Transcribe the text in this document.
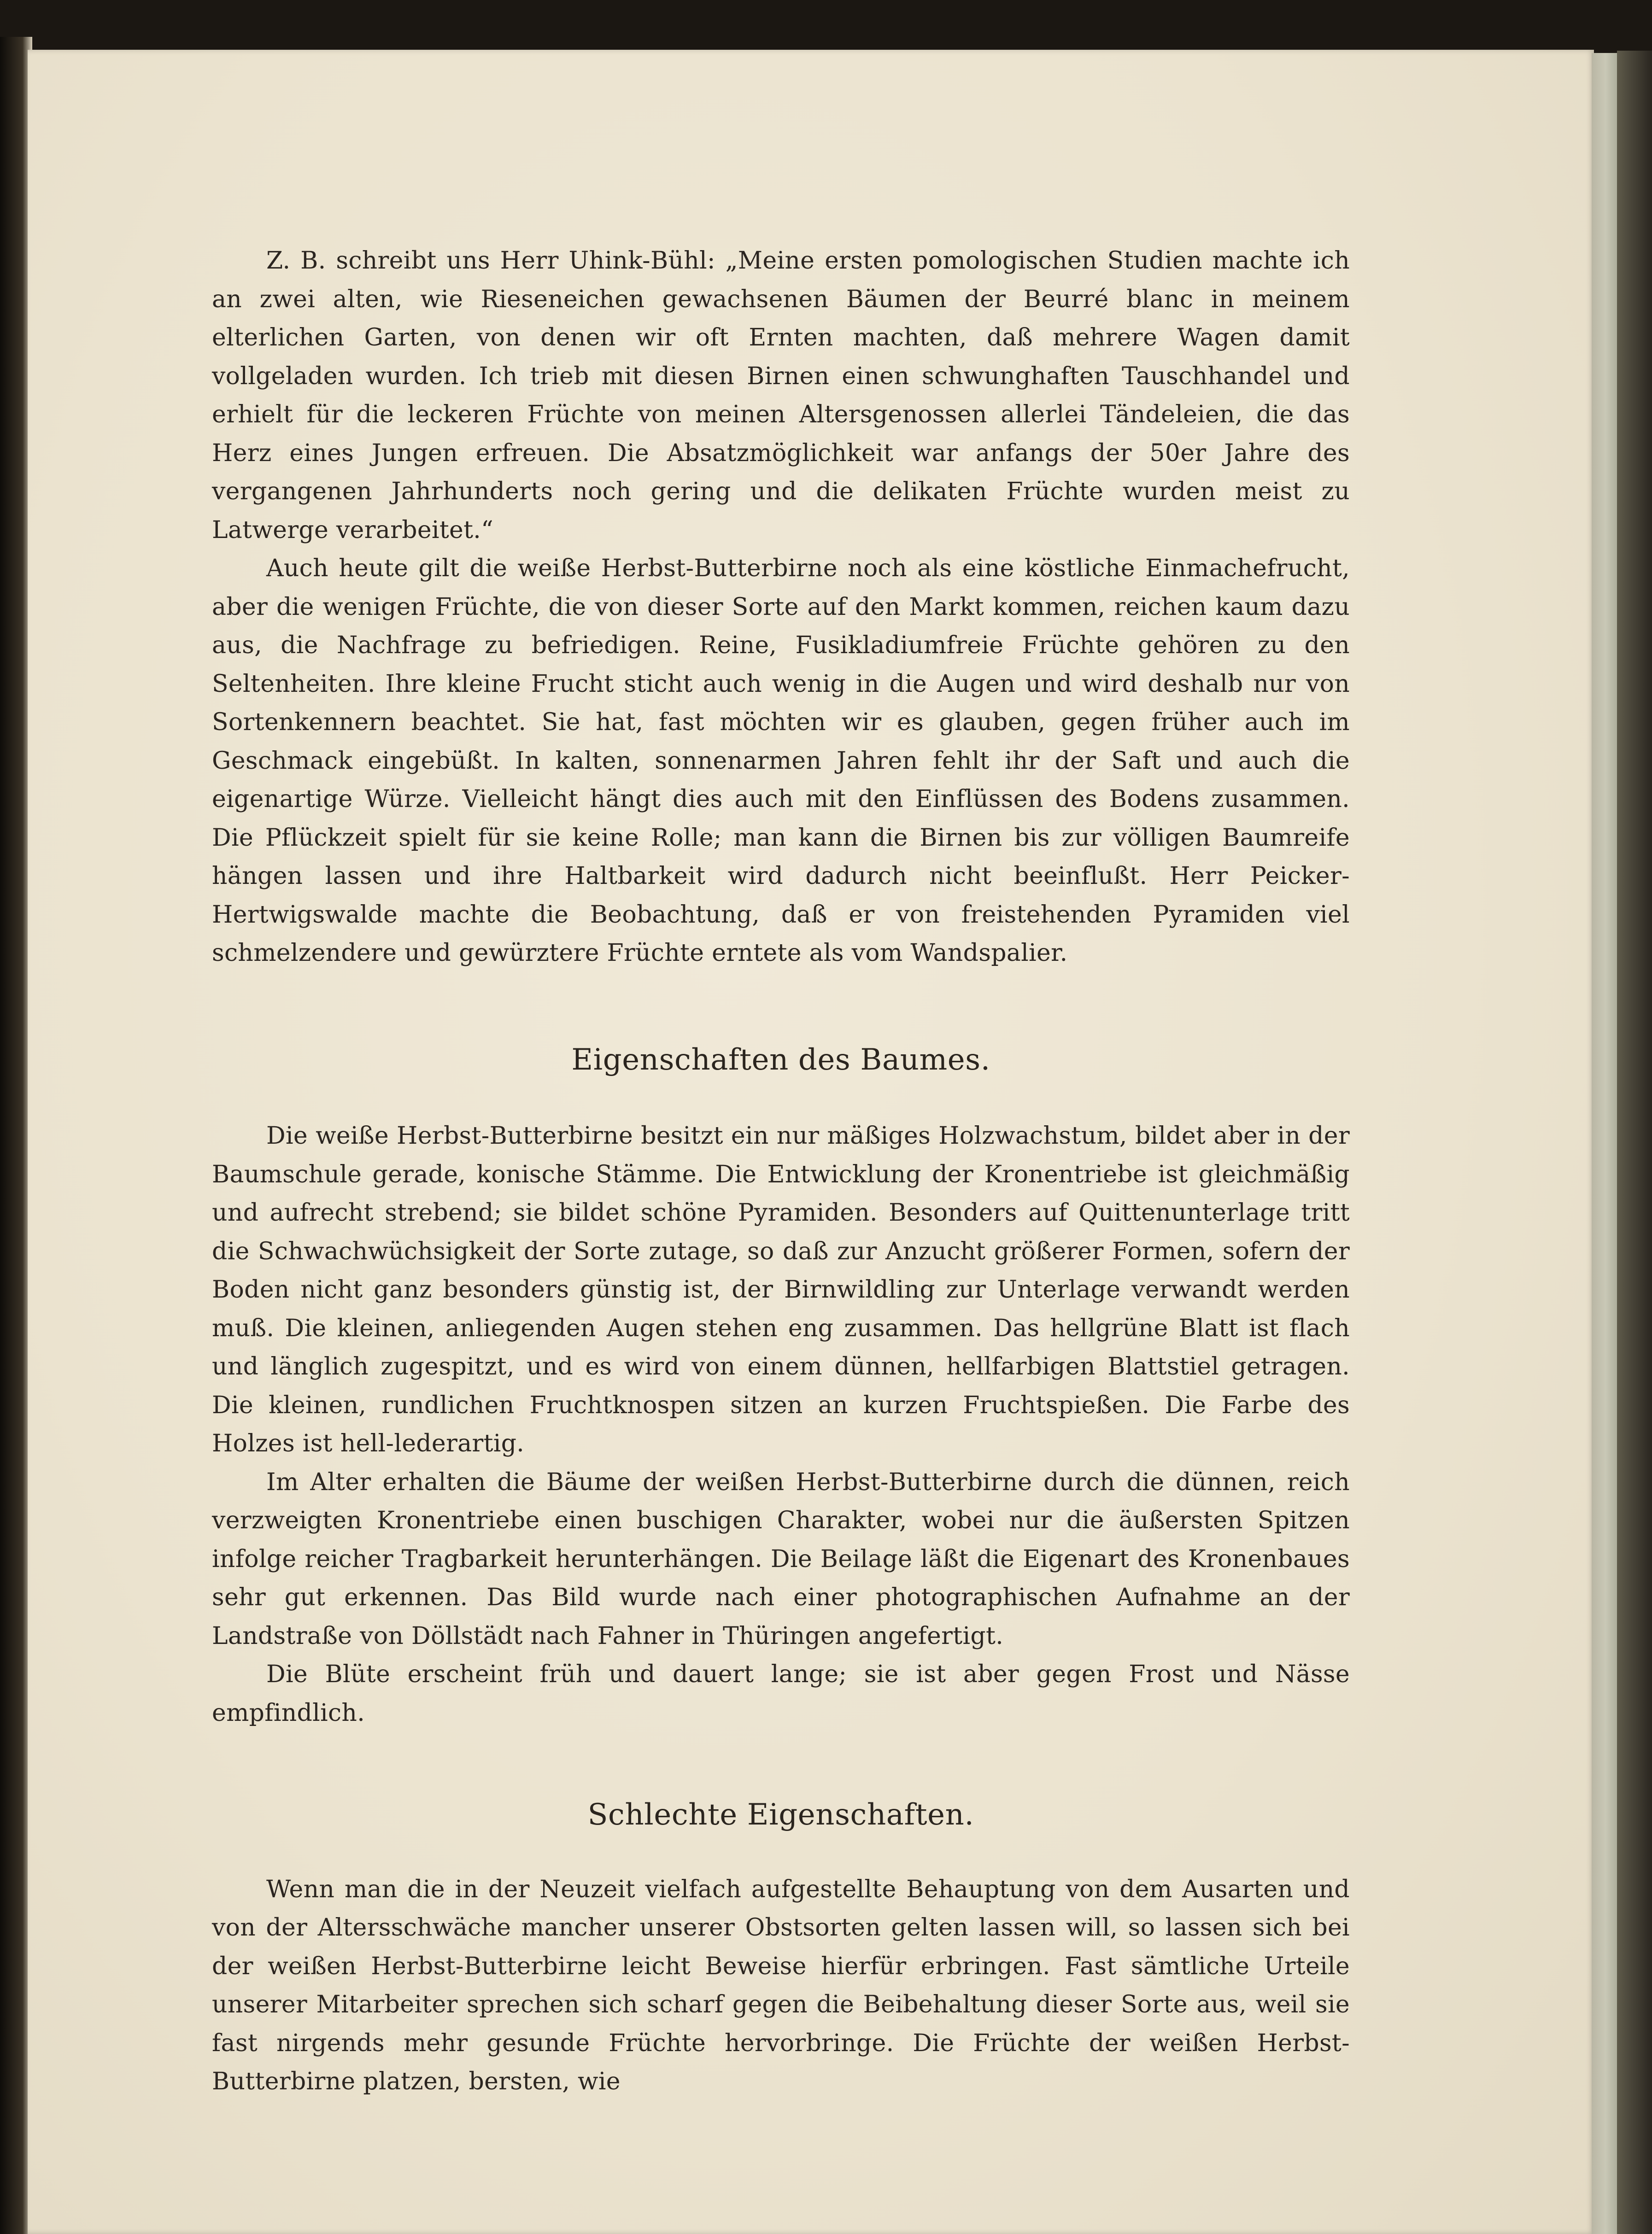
Z. B. schreibt uns Herr Uhink-Bühl: „Meine ersten pomologischen Studien machte ich an zwei alten, wie Rieseneichen gewachsenen Bäumen der Beurré blanc in meinem elterlichen Garten, von denen wir oft Ernten machten, daß mehrere Wagen damit vollgeladen wurden. Ich trieb mit diesen Birnen einen schwunghaften Tauschhandel und erhielt für die leckeren Früchte von meinen Altersgenossen allerlei Tändeleien, die das Herz eines Jungen erfreuen. Die Absatzmöglichkeit war anfangs der 50er Jahre des vergangenen Jahrhunderts noch gering und die delikaten Früchte wurden meist zu Latwerge verarbeitet.“

Auch heute gilt die weiße Herbst-Butterbirne noch als eine köstliche Einmachefrucht, aber die wenigen Früchte, die von dieser Sorte auf den Markt kommen, reichen kaum dazu aus, die Nachfrage zu befriedigen. Reine, Fusikladiumfreie Früchte gehören zu den Seltenheiten. Ihre kleine Frucht sticht auch wenig in die Augen und wird deshalb nur von Sortenkennern beachtet. Sie hat, fast möchten wir es glauben, gegen früher auch im Geschmack eingebüßt. In kalten, sonnenarmen Jahren fehlt ihr der Saft und auch die eigenartige Würze. Vielleicht hängt dies auch mit den Einflüssen des Bodens zusammen. Die Pflückzeit spielt für sie keine Rolle; man kann die Birnen bis zur völligen Baumreife hängen lassen und ihre Haltbarkeit wird dadurch nicht beeinflußt. Herr Peicker-Hertwigswalde machte die Beobachtung, daß er von freistehenden Pyramiden viel schmelzendere und gewürztere Früchte erntete als vom Wandspalier.

Eigenschaften des Baumes.

Die weiße Herbst-Butterbirne besitzt ein nur mäßiges Holzwachstum, bildet aber in der Baumschule gerade, konische Stämme. Die Entwicklung der Kronentriebe ist gleichmäßig und aufrecht strebend; sie bildet schöne Pyramiden. Besonders auf Quittenunterlage tritt die Schwachwüchsigkeit der Sorte zutage, so daß zur Anzucht größerer Formen, sofern der Boden nicht ganz besonders günstig ist, der Birnwildling zur Unterlage verwandt werden muß. Die kleinen, anliegenden Augen stehen eng zusammen. Das hellgrüne Blatt ist flach und länglich zugespitzt, und es wird von einem dünnen, hellfarbigen Blattstiel getragen. Die kleinen, rundlichen Fruchtknospen sitzen an kurzen Fruchtspießen. Die Farbe des Holzes ist hell-lederartig.

Im Alter erhalten die Bäume der weißen Herbst-Butterbirne durch die dünnen, reich verzweigten Kronentriebe einen buschigen Charakter, wobei nur die äußersten Spitzen infolge reicher Tragbarkeit herunterhängen. Die Beilage läßt die Eigenart des Kronenbaues sehr gut erkennen. Das Bild wurde nach einer photographischen Aufnahme an der Landstraße von Döllstädt nach Fahner in Thüringen angefertigt.

Die Blüte erscheint früh und dauert lange; sie ist aber gegen Frost und Nässe empfindlich.

Schlechte Eigenschaften.

Wenn man die in der Neuzeit vielfach aufgestellte Behauptung von dem Ausarten und von der Altersschwäche mancher unserer Obstsorten gelten lassen will, so lassen sich bei der weißen Herbst-Butterbirne leicht Beweise hierfür erbringen. Fast sämtliche Urteile unserer Mitarbeiter sprechen sich scharf gegen die Beibehaltung dieser Sorte aus, weil sie fast nirgends mehr gesunde Früchte hervorbringe. Die Früchte der weißen Herbst-Butterbirne platzen, bersten, wie
